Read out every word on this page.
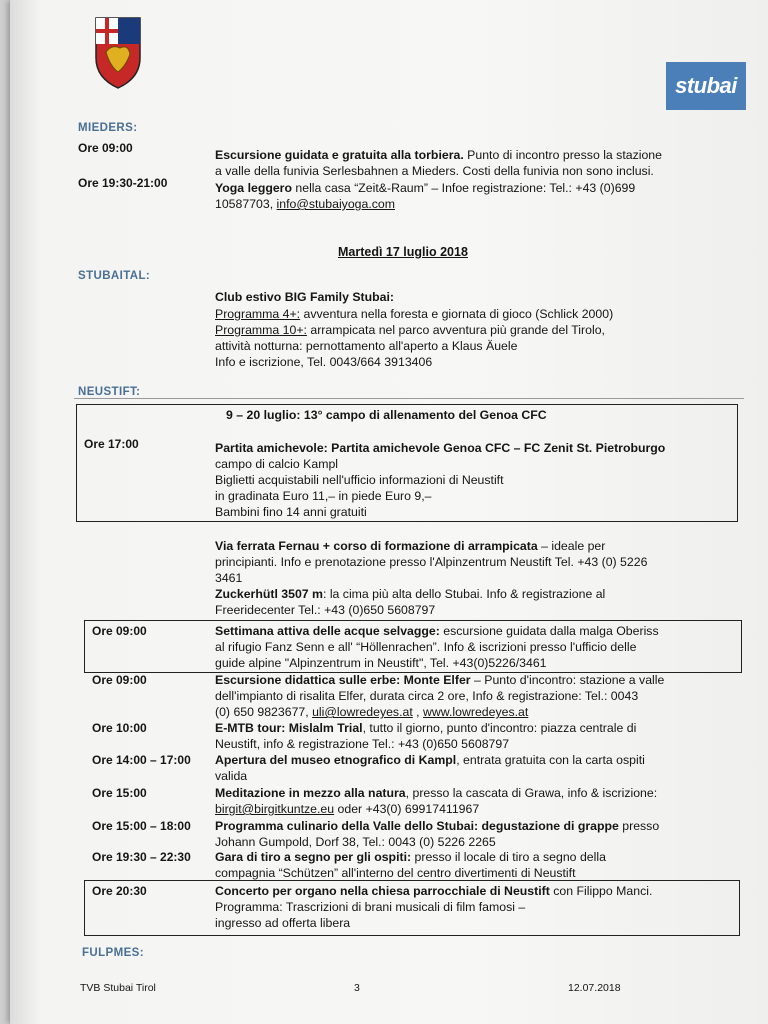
stubai
MIEDERS:
Ore 09:00	Escursione guidata e gratuita alla torbiera. Punto di incontro presso la stazione
a valle della funivia Serlesbahnen a Mieders. Costi della funivia non sono inclusi.
Ore 19:30-21:00	Yoga leggero nella casa “Zeit&-Raum” – Infoe registrazione: Tel.: +43 (0)699
10587703, info@stubaiyoga.com
Martedì 17 luglio 2018
STUBAITAL:
Club estivo BIG Family Stubai:
Programma 4+: avventura nella foresta e giornata di gioco (Schlick 2000)
Programma 10+: arrampicata nel parco avventura più grande del Tirolo,
attività notturna: pernottamento all'aperto a Klaus Äuele
Info e iscrizione, Tel. 0043/664 3913406
NEUSTIFT:
9 – 20 luglio: 13° campo di allenamento del Genoa CFC
Ore 17:00	Partita amichevole: Partita amichevole Genoa CFC – FC Zenit St. Pietroburgo
campo di calcio Kampl
Biglietti acquistabili nell'ufficio informazioni di Neustift
in gradinata Euro 11,– in piede Euro 9,–
Bambini fino 14 anni gratuiti
Via ferrata Fernau + corso di formazione di arrampicata – ideale per
principianti. Info e prenotazione presso l'Alpinzentrum Neustift Tel. +43 (0) 5226
3461
Zuckerhütl 3507 m: la cima più alta dello Stubai. Info & registrazione al
Freeridecenter Tel.: +43 (0)650 5608797
Ore 09:00	Settimana attiva delle acque selvagge: escursione guidata dalla malga Oberiss
al rifugio Fanz Senn e all' “Höllenrachen”. Info & iscrizioni presso l'ufficio delle
guide alpine "Alpinzentrum in Neustift", Tel. +43(0)5226/3461
Ore 09:00	Escursione didattica sulle erbe: Monte Elfer – Punto d'incontro: stazione a valle
dell'impianto di risalita Elfer, durata circa 2 ore, Info & registrazione: Tel.: 0043
(0) 650 9823677, uli@lowredeyes.at , www.lowredeyes.at
Ore 10:00	E-MTB tour: Mislalm Trial, tutto il giorno, punto d'incontro: piazza centrale di
Neustift, info & registrazione Tel.: +43 (0)650 5608797
Ore 14:00 – 17:00 Apertura del museo etnografico di Kampl, entrata gratuita con la carta ospiti
valida
Ore 15:00	Meditazione in mezzo alla natura, presso la cascata di Grawa, info & iscrizione:
birgit@birgitkuntze.eu oder +43(0) 69917411967
Ore 15:00 – 18:00 Programma culinario della Valle dello Stubai: degustazione di grappe presso
Johann Gumpold, Dorf 38, Tel.: 0043 (0) 5226 2265
Ore 19:30 – 22:30 Gara di tiro a segno per gli ospiti: presso il locale di tiro a segno della
compagnia “Schützen” all'interno del centro divertimenti di Neustift
Ore 20:30	Concerto per organo nella chiesa parrocchiale di Neustift con Filippo Manci.
Programma: Trascrizioni di brani musicali di film famosi –
ingresso ad offerta libera
FULPMES:
TVB Stubai Tirol	3	12.07.2018
